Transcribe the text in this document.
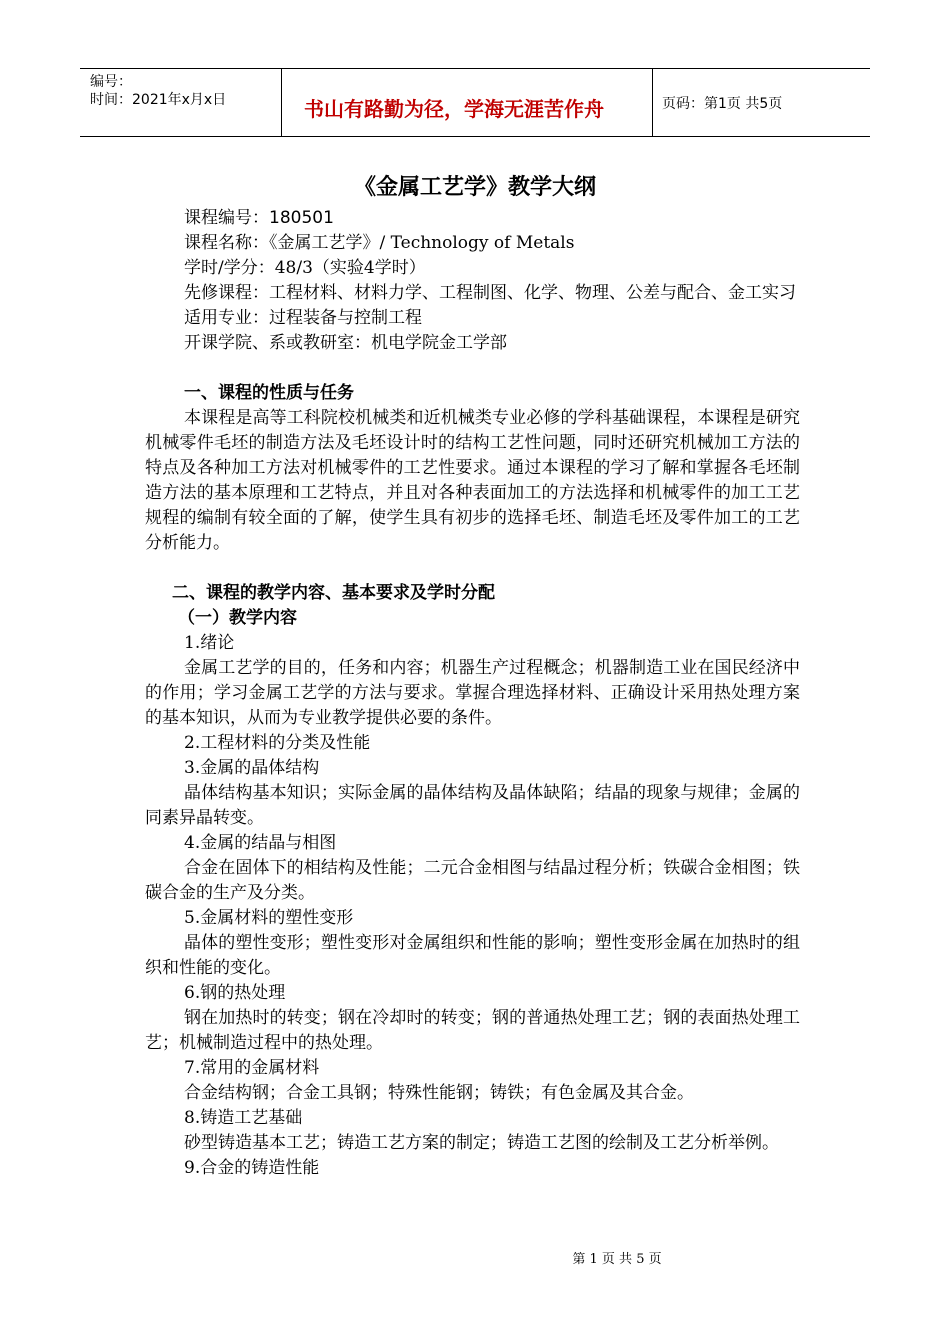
编号：
时间：2021年x月x日	书山有路勤为径，学海无涯苦作舟	页码：第1页 共5页
《金属工艺学》教学大纲

课程编号：180501

课程名称：《金属工艺学》/ Technology of Metals

学时/学分：48/3（实验4学时）

先修课程：工程材料、材料力学、工程制图、化学、物理、公差与配合、金工实习

适用专业：过程装备与控制工程

开课学院、系或教研室：机电学院金工学部

一、课程的性质与任务

本课程是高等工科院校机械类和近机械类专业必修的学科基础课程，本课程是研究机械零件毛坯的制造方法及毛坯设计时的结构工艺性问题，同时还研究机械加工方法的特点及各种加工方法对机械零件的工艺性要求。通过本课程的学习了解和掌握各毛坯制造方法的基本原理和工艺特点，并且对各种表面加工的方法选择和机械零件的加工工艺规程的编制有较全面的了解，使学生具有初步的选择毛坯、制造毛坯及零件加工的工艺分析能力。

二、课程的教学内容、基本要求及学时分配

（一）教学内容

1.绪论

金属工艺学的目的，任务和内容；机器生产过程概念；机器制造工业在国民经济中的作用；学习金属工艺学的方法与要求。掌握合理选择材料、正确设计采用热处理方案的基本知识，从而为专业教学提供必要的条件。

2.工程材料的分类及性能

3.金属的晶体结构

晶体结构基本知识；实际金属的晶体结构及晶体缺陷；结晶的现象与规律；金属的同素异晶转变。

4.金属的结晶与相图

合金在固体下的相结构及性能；二元合金相图与结晶过程分析；铁碳合金相图；铁碳合金的生产及分类。

5.金属材料的塑性变形

晶体的塑性变形；塑性变形对金属组织和性能的影响；塑性变形金属在加热时的组织和性能的变化。

6.钢的热处理

钢在加热时的转变；钢在冷却时的转变；钢的普通热处理工艺；钢的表面热处理工艺；机械制造过程中的热处理。

7.常用的金属材料

合金结构钢；合金工具钢；特殊性能钢；铸铁；有色金属及其合金。

8.铸造工艺基础

砂型铸造基本工艺；铸造工艺方案的制定；铸造工艺图的绘制及工艺分析举例。

9.合金的铸造性能

第 1 页 共 5 页
